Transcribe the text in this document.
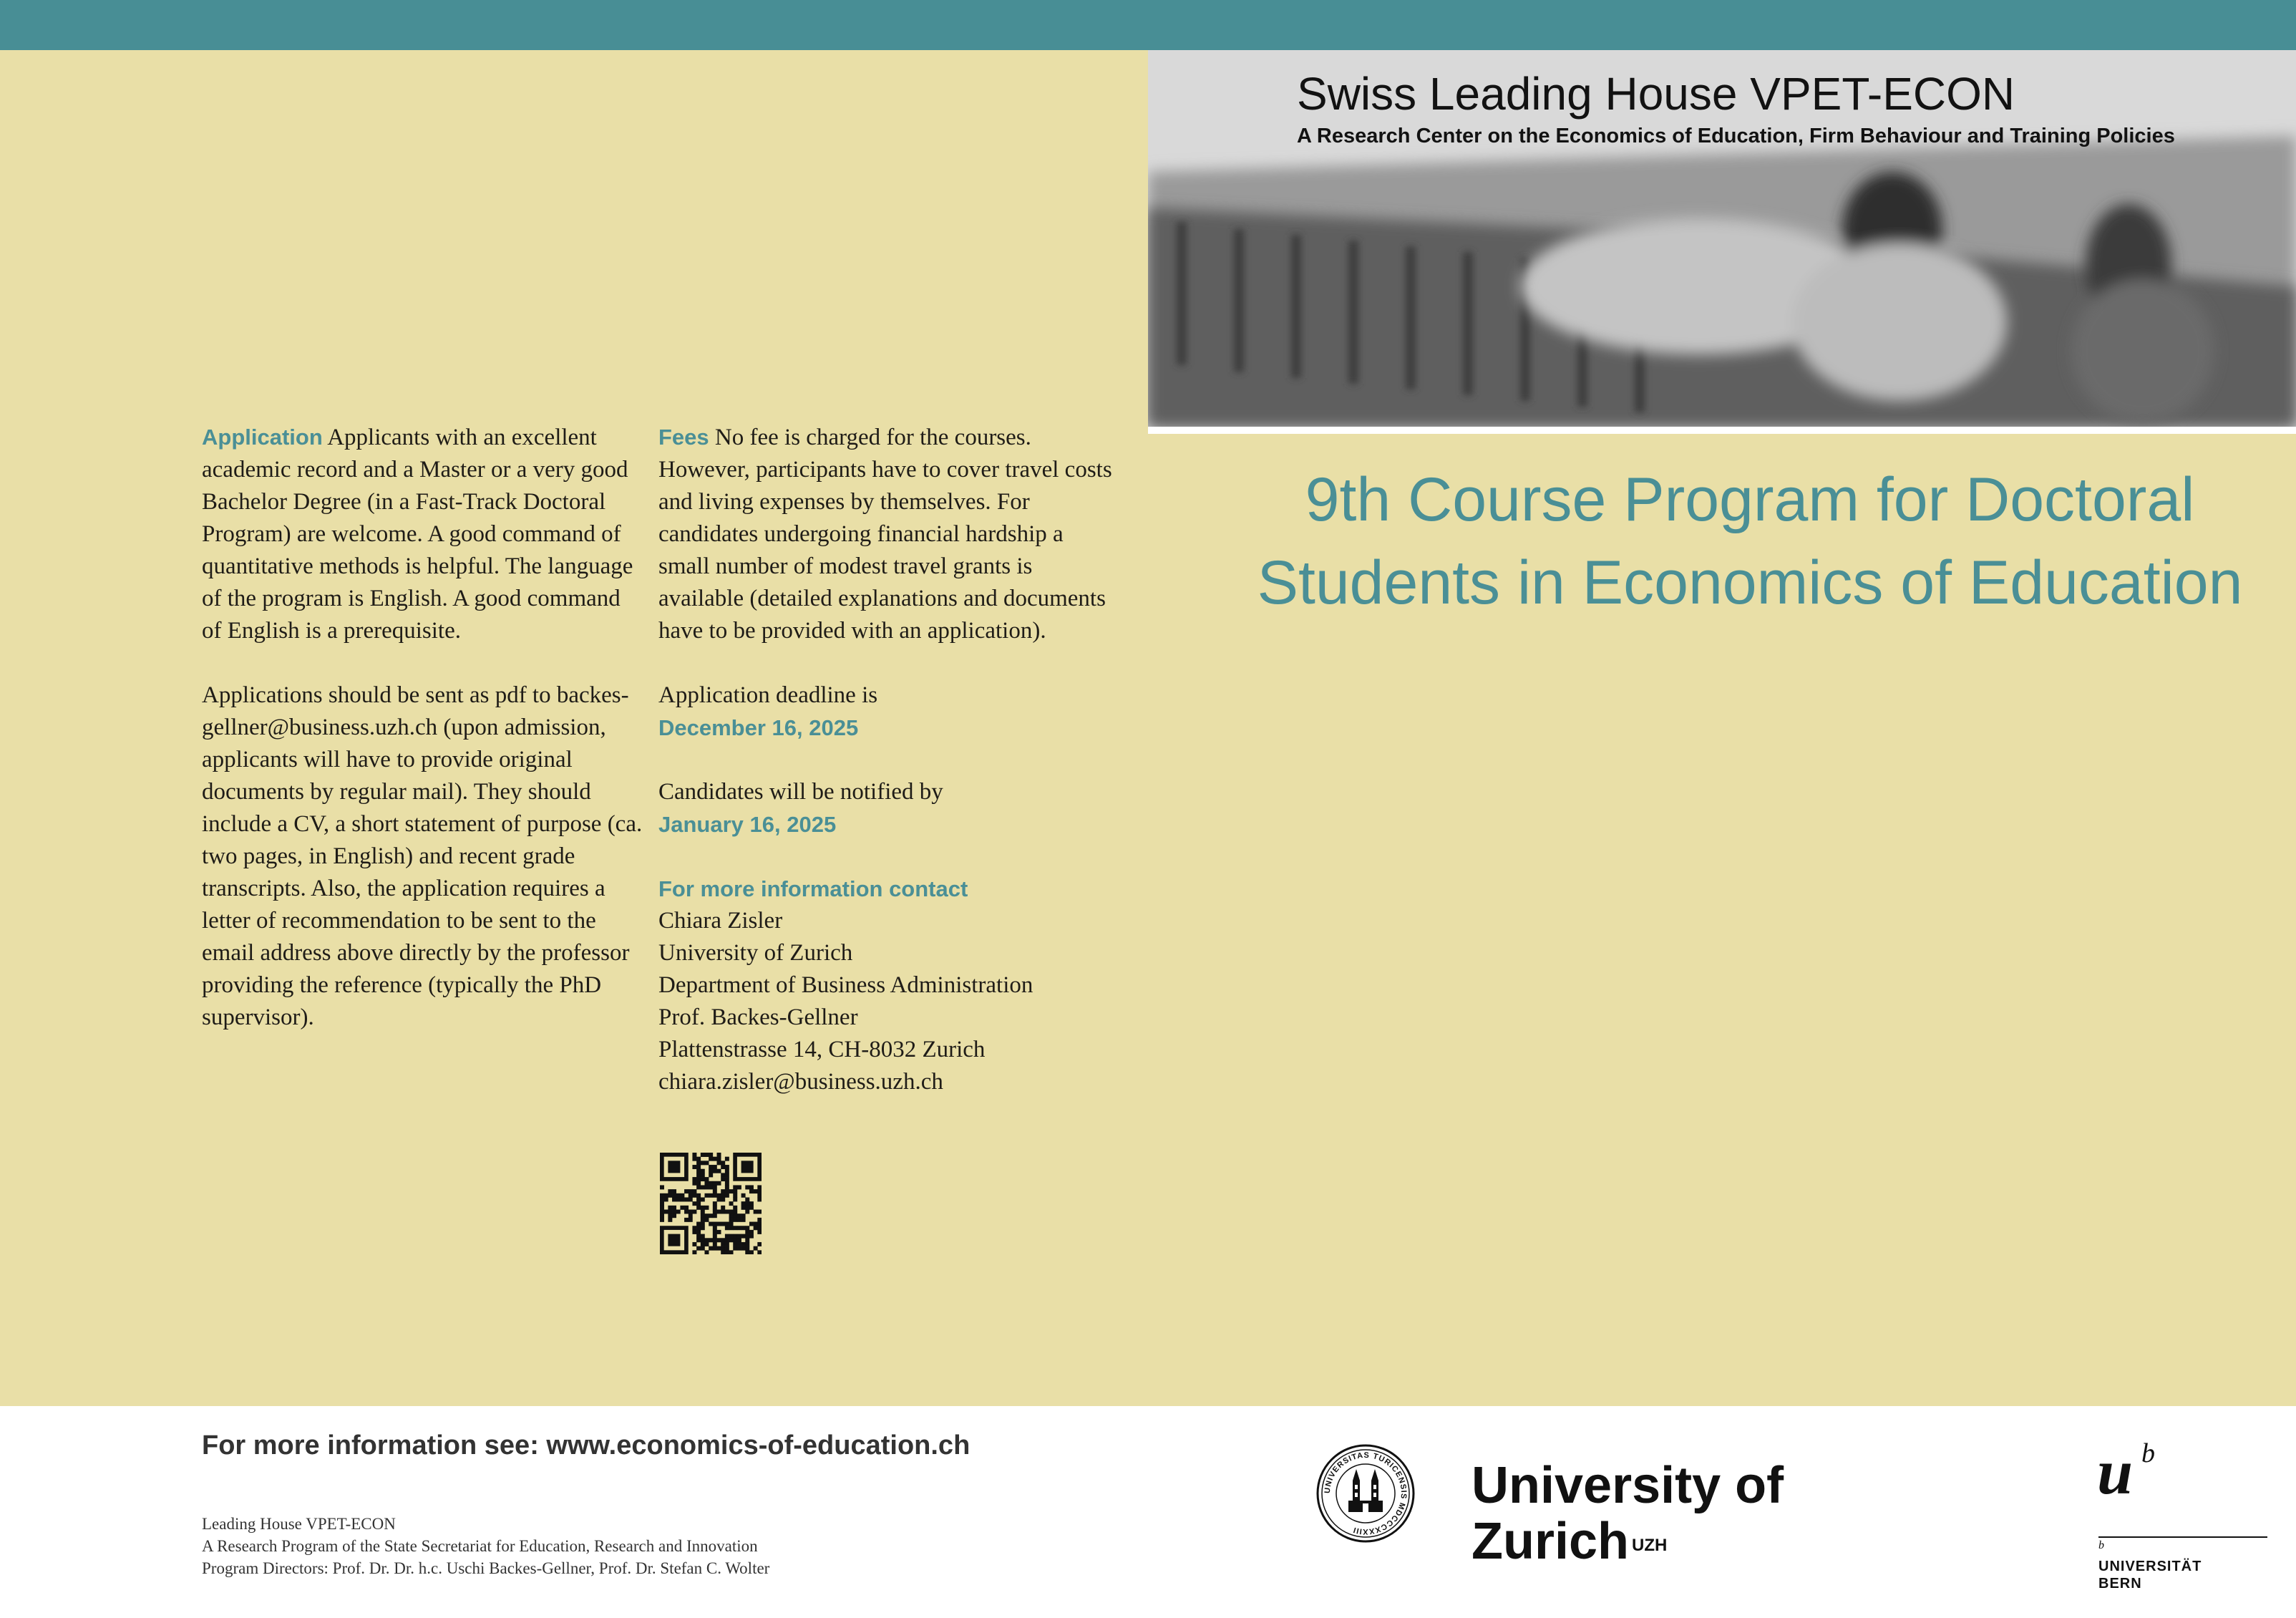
Swiss Leading House VPET-ECON
A Research Center on the Economics of Education, Firm Behaviour and Training Policies
9th Course Program for Doctoral
Students in Economics of Education

Application Applicants with an excellent academic record and a Master or a very good Bachelor Degree (in a Fast-Track Doctoral Program) are welcome. A good command of quantitative methods is helpful. The language of the program is English. A good command of English is a prerequisite.

Applications should be sent as pdf to backes-gellner@business.uzh.ch (upon admission, applicants will have to provide original documents by regular mail). They should include a CV, a short statement of purpose (ca. two pages, in English) and recent grade transcripts. Also, the application requires a letter of recommendation to be sent to the email address above directly by the professor providing the reference (typically the PhD supervisor).

Fees No fee is charged for the courses. However, participants have to cover travel costs and living expenses by themselves. For candidates undergoing financial hardship a small number of modest travel grants is available (detailed explanations and documents have to be provided with an application).

Application deadline is

December 16, 2025

Candidates will be notified by

January 16, 2025

For more information contact

Chiara Zisler

University of Zurich

Department of Business Administration

Prof. Backes-Gellner

Plattenstrasse 14, CH-8032 Zurich

chiara.zisler@business.uzh.ch

For more information see: www.economics-of-education.ch

Leading House VPET-ECON

A Research Program of the State Secretariat for Education, Research and Innovation

Program Directors: Prof. Dr. Dr. h.c. Uschi Backes-Gellner, Prof. Dr. Stefan C. Wolter

UNIVERSITAS TURICENSIS MDCCCXXXIII
University of
Zurich $^{UZH}$
u b
b
UNIVERSITÄT
BERN
